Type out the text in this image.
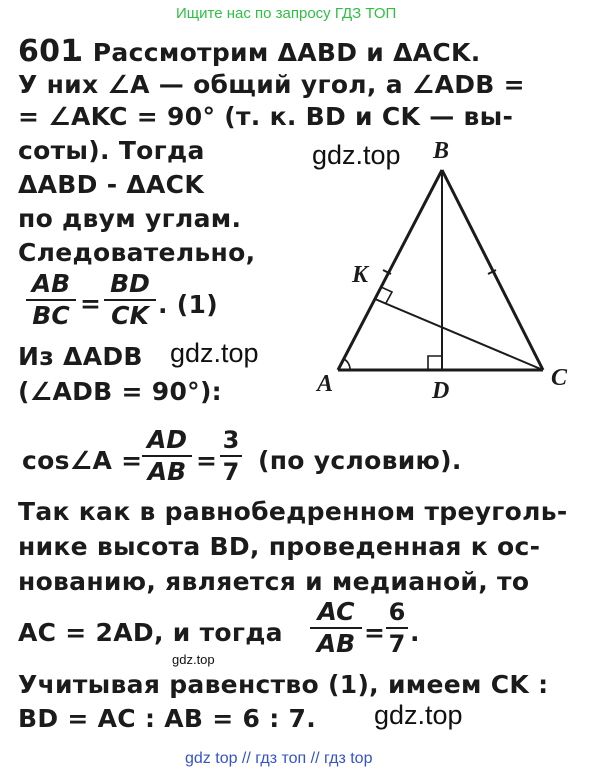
Ищите нас по запросу ГДЗ ТОП
601
. Рассмотрим ΔABD и ΔACK.
У них ∠A — общий угол, а ∠ADB =
= ∠AKC = 90° (т. к. BD и CK — вы-
соты). Тогда
ΔABD - ΔACK
по двум углам.
Следовательно,
AB
BC =
BD
CK . (1)
Из ΔADB
(∠ADB = 90°):
cos∠A =
AD
AB =
3
7 (по условию).
Так как в равнобедренном треуголь-
нике высота BD, проведенная к ос-
нованию, является и медианой, то
AC = 2AD, и тогда
AC
AB =
6
7 .
Учитывая равенство (1), имеем CK :
BD = AC : AB = 6 : 7.
B
K
A	D	C
gdz.top
gdz.top
gdz.top
gdz.top
gdz top // гдз топ // гдз top
